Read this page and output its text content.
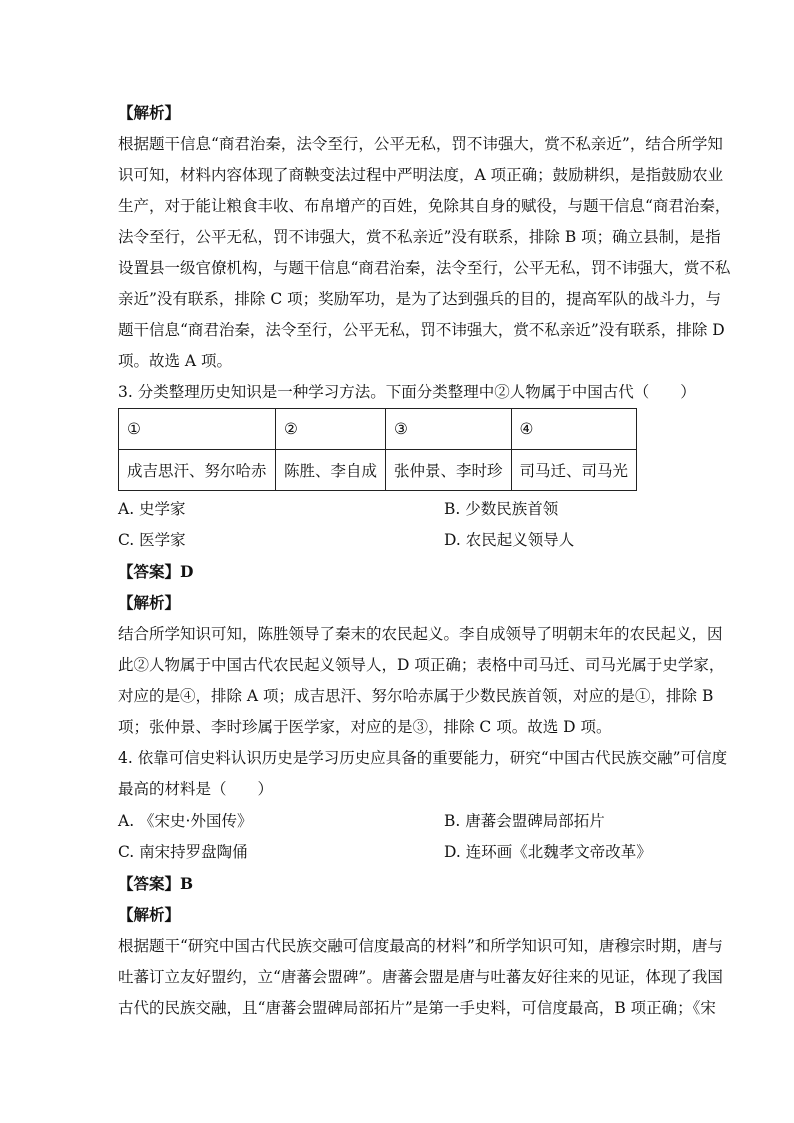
【解析】
根据题干信息“商君治秦，法令至行，公平无私，罚不讳强大，赏不私亲近”，结合所学知
识可知，材料内容体现了商鞅变法过程中严明法度，A 项正确；鼓励耕织，是指鼓励农业
生产，对于能让粮食丰收、布帛增产的百姓，免除其自身的赋役，与题干信息“商君治秦，
法令至行，公平无私，罚不讳强大，赏不私亲近”没有联系，排除 B 项；确立县制，是指
设置县一级官僚机构，与题干信息“商君治秦，法令至行，公平无私，罚不讳强大，赏不私
亲近”没有联系，排除 C 项；奖励军功，是为了达到强兵的目的，提高军队的战斗力，与
题干信息“商君治秦，法令至行，公平无私，罚不讳强大，赏不私亲近”没有联系，排除 D
项。故选 A 项。
3. 分类整理历史知识是一种学习方法。下面分类整理中②人物属于中国古代（　　）
①	②	③	④
成吉思汗、努尔哈赤	陈胜、李自成	张仲景、李时珍	司马迁、司马光
A. 史学家	B. 少数民族首领
C. 医学家	D. 农民起义领导人
【答案】D
【解析】
结合所学知识可知，陈胜领导了秦末的农民起义。李自成领导了明朝末年的农民起义，因
此②人物属于中国古代农民起义领导人，D 项正确；表格中司马迁、司马光属于史学家，
对应的是④，排除 A 项；成吉思汗、努尔哈赤属于少数民族首领，对应的是①，排除 B
项；张仲景、李时珍属于医学家，对应的是③，排除 C 项。故选 D 项。
4. 依靠可信史料认识历史是学习历史应具备的重要能力，研究“中国古代民族交融”可信度
最高的材料是（　　）
A. 《宋史·外国传》	B. 唐蕃会盟碑局部拓片
C. 南宋持罗盘陶俑	D. 连环画《北魏孝文帝改革》
【答案】B
【解析】
根据题干“研究中国古代民族交融可信度最高的材料”和所学知识可知，唐穆宗时期，唐与
吐蕃订立友好盟约，立“唐蕃会盟碑”。唐蕃会盟是唐与吐蕃友好往来的见证，体现了我国
古代的民族交融，且“唐蕃会盟碑局部拓片”是第一手史料，可信度最高，B 项正确；《宋
